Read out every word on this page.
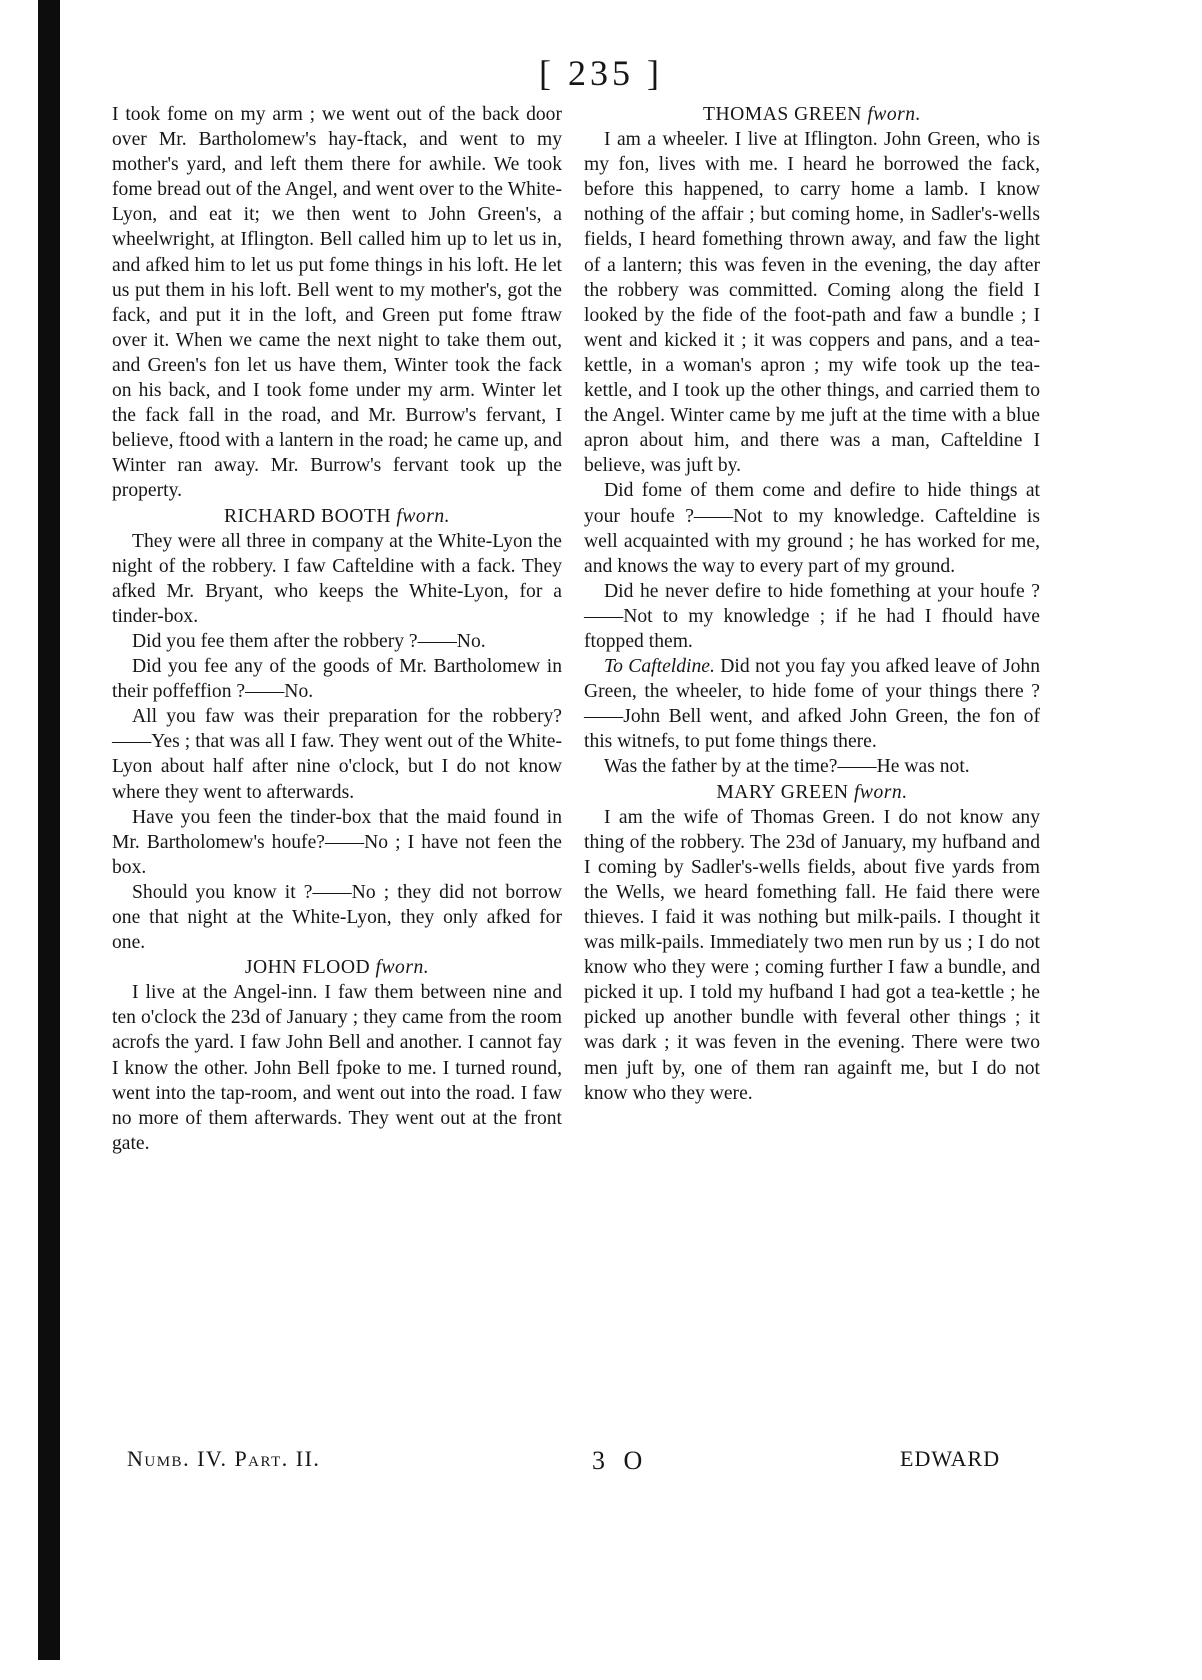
[ 235 ]

I took fome on my arm ; we went out of the back door over Mr. Bartholomew's hay-ftack, and went to my mother's yard, and left them there for awhile. We took fome bread out of the Angel, and went over to the White-Lyon, and eat it; we then went to John Green's, a wheelwright, at Iflington. Bell called him up to let us in, and afked him to let us put fome things in his loft. He let us put them in his loft. Bell went to my mother's, got the fack, and put it in the loft, and Green put fome ftraw over it. When we came the next night to take them out, and Green's fon let us have them, Winter took the fack on his back, and I took fome under my arm. Winter let the fack fall in the road, and Mr. Burrow's fervant, I believe, ftood with a lantern in the road; he came up, and Winter ran away. Mr. Burrow's fervant took up the property.

RICHARD BOOTH fworn.

They were all three in company at the White-Lyon the night of the robbery. I faw Cafteldine with a fack. They afked Mr. Bryant, who keeps the White-Lyon, for a tinder-box.

Did you fee them after the robbery ?——No.

Did you fee any of the goods of Mr. Bartholomew in their poffeffion ?——No.

All you faw was their preparation for the robbery?——Yes ; that was all I faw. They went out of the White-Lyon about half after nine o'clock, but I do not know where they went to afterwards.

Have you feen the tinder-box that the maid found in Mr. Bartholomew's houfe?——No ; I have not feen the box.

Should you know it ?——No ; they did not borrow one that night at the White-Lyon, they only afked for one.

JOHN FLOOD fworn.

I live at the Angel-inn. I faw them between nine and ten o'clock the 23d of January ; they came from the room acrofs the yard. I faw John Bell and another. I cannot fay I know the other. John Bell fpoke to me. I turned round, went into the tap-room, and went out into the road. I faw no more of them afterwards. They went out at the front gate.

THOMAS GREEN fworn.

I am a wheeler. I live at Iflington. John Green, who is my fon, lives with me. I heard he borrowed the fack, before this happened, to carry home a lamb. I know nothing of the affair ; but coming home, in Sadler's-wells fields, I heard fomething thrown away, and faw the light of a lantern; this was feven in the evening, the day after the robbery was committed. Coming along the field I looked by the fide of the foot-path and faw a bundle ; I went and kicked it ; it was coppers and pans, and a tea-kettle, in a woman's apron ; my wife took up the tea-kettle, and I took up the other things, and carried them to the Angel. Winter came by me juft at the time with a blue apron about him, and there was a man, Cafteldine I believe, was juft by.

Did fome of them come and defire to hide things at your houfe ?——Not to my knowledge. Cafteldine is well acquainted with my ground ; he has worked for me, and knows the way to every part of my ground.

Did he never defire to hide fomething at your houfe ?——Not to my knowledge ; if he had I fhould have ftopped them.

To Cafteldine. Did not you fay you afked leave of John Green, the wheeler, to hide fome of your things there ?——John Bell went, and afked John Green, the fon of this witnefs, to put fome things there.

Was the father by at the time?——He was not.

MARY GREEN fworn.

I am the wife of Thomas Green. I do not know any thing of the robbery. The 23d of January, my hufband and I coming by Sadler's-wells fields, about five yards from the Wells, we heard fomething fall. He faid there were thieves. I faid it was nothing but milk-pails. I thought it was milk-pails. Immediately two men run by us ; I do not know who they were ; coming further I faw a bundle, and picked it up. I told my hufband I had got a tea-kettle ; he picked up another bundle with feveral other things ; it was dark ; it was feven in the evening. There were two men juft by, one of them ran againft me, but I do not know who they were.

Numb. IV. Part. II.	3 O	EDWARD
